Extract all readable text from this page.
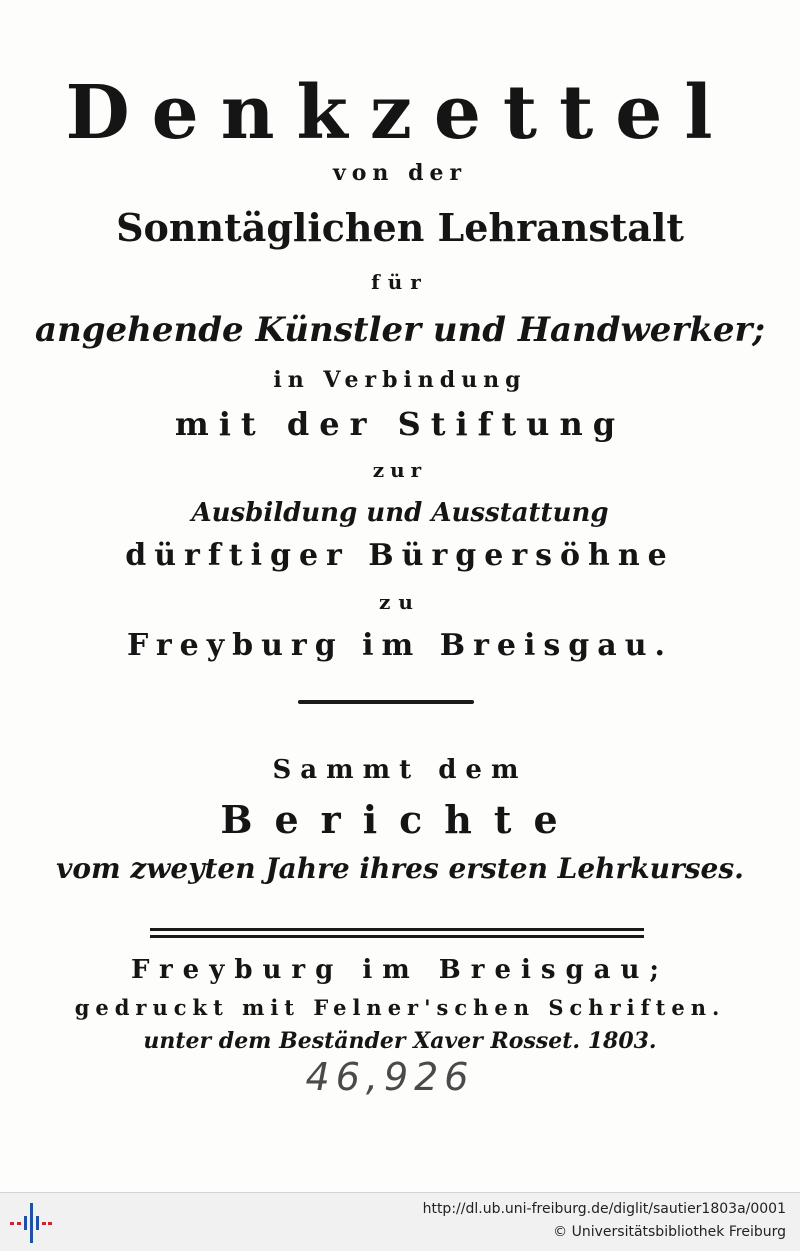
Denkzettel
von der
Sonntäglichen Lehranstalt
für
angehende Künstler und Handwerker;
in Verbindung
mit der Stiftung
zur
Ausbildung und Ausstattung
dürftiger Bürgersöhne
zu
Freyburg im Breisgau.
Sammt dem
Berichte
vom zweyten Jahre ihres ersten Lehrkurses.
Freyburg im Breisgau;
gedruckt mit Felner'schen Schriften.
unter dem Beständer Xaver Rosset. 1803.
46,926
http://dl.ub.uni-freiburg.de/diglit/sautier1803a/0001
© Universitätsbibliothek Freiburg
